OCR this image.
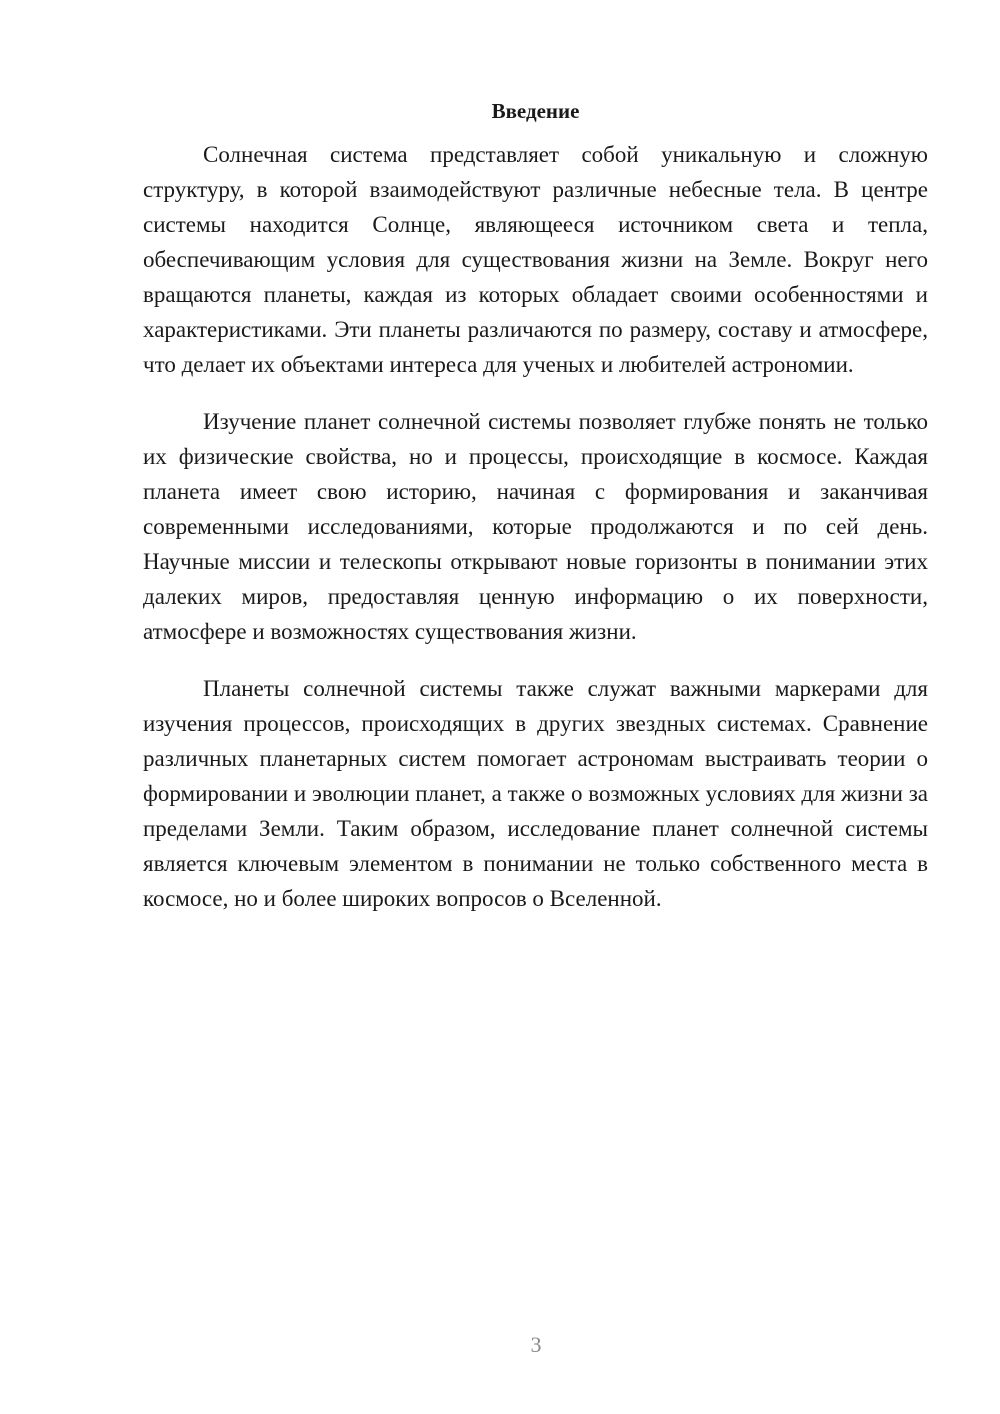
Введение

Солнечная система представляет собой уникальную и сложную структуру, в которой взаимодействуют различные небесные тела. В центре системы находится Солнце, являющееся источником света и тепла, обеспечивающим условия для существования жизни на Земле. Вокруг него вращаются планеты, каждая из которых обладает своими особенностями и характеристиками. Эти планеты различаются по размеру, составу и атмосфере, что делает их объектами интереса для ученых и любителей астрономии.

Изучение планет солнечной системы позволяет глубже понять не только их физические свойства, но и процессы, происходящие в космосе. Каждая планета имеет свою историю, начиная с формирования и заканчивая современными исследованиями, которые продолжаются и по сей день. Научные миссии и телескопы открывают новые горизонты в понимании этих далеких миров, предоставляя ценную информацию о их поверхности, атмосфере и возможностях существования жизни.

Планеты солнечной системы также служат важными маркерами для изучения процессов, происходящих в других звездных системах. Сравнение различных планетарных систем помогает астрономам выстраивать теории о формировании и эволюции планет, а также о возможных условиях для жизни за пределами Земли. Таким образом, исследование планет солнечной системы является ключевым элементом в понимании не только собственного места в космосе, но и более широких вопросов о Вселенной.

3
